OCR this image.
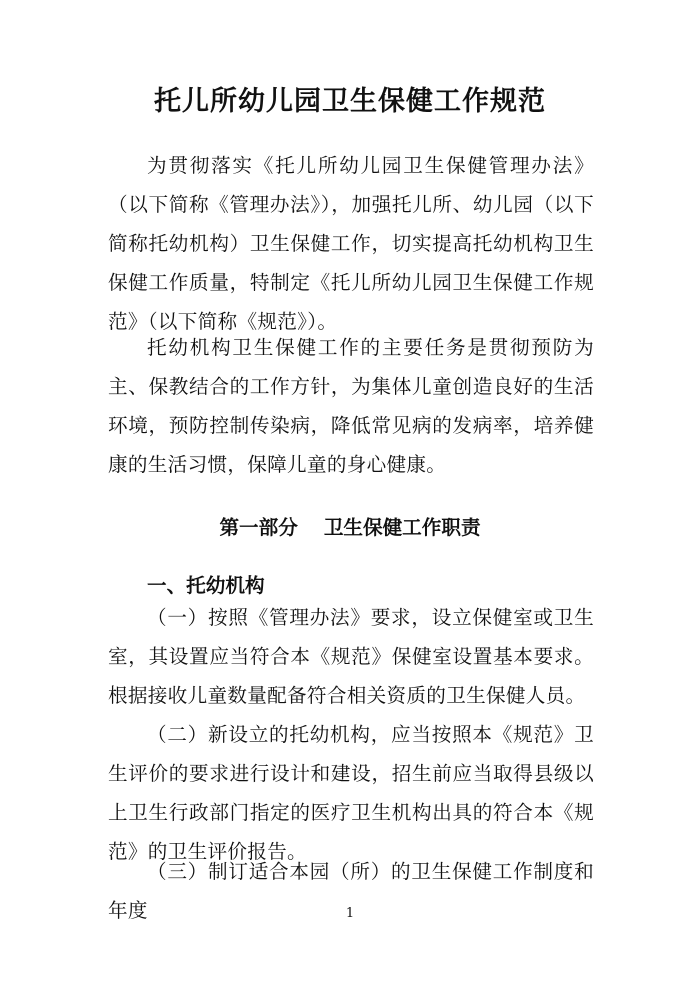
托儿所幼儿园卫生保健工作规范

为贯彻落实《托儿所幼儿园卫生保健管理办法》（以下简称《管理办法》），加强托儿所、幼儿园（以下简称托幼机构）卫生保健工作，切实提高托幼机构卫生保健工作质量，特制定《托儿所幼儿园卫生保健工作规范》（以下简称《规范》）。

托幼机构卫生保健工作的主要任务是贯彻预防为主、保教结合的工作方针，为集体儿童创造良好的生活环境，预防控制传染病，降低常见病的发病率，培养健康的生活习惯，保障儿童的身心健康。

第一部分 卫生保健工作职责
一、托幼机构

（一）按照《管理办法》要求，设立保健室或卫生室，其设置应当符合本《规范》保健室设置基本要求。根据接收儿童数量配备符合相关资质的卫生保健人员。

（二）新设立的托幼机构，应当按照本《规范》卫生评价的要求进行设计和建设，招生前应当取得县级以上卫生行政部门指定的医疗卫生机构出具的符合本《规范》的卫生评价报告。

（三）制订适合本园（所）的卫生保健工作制度和年度	1
